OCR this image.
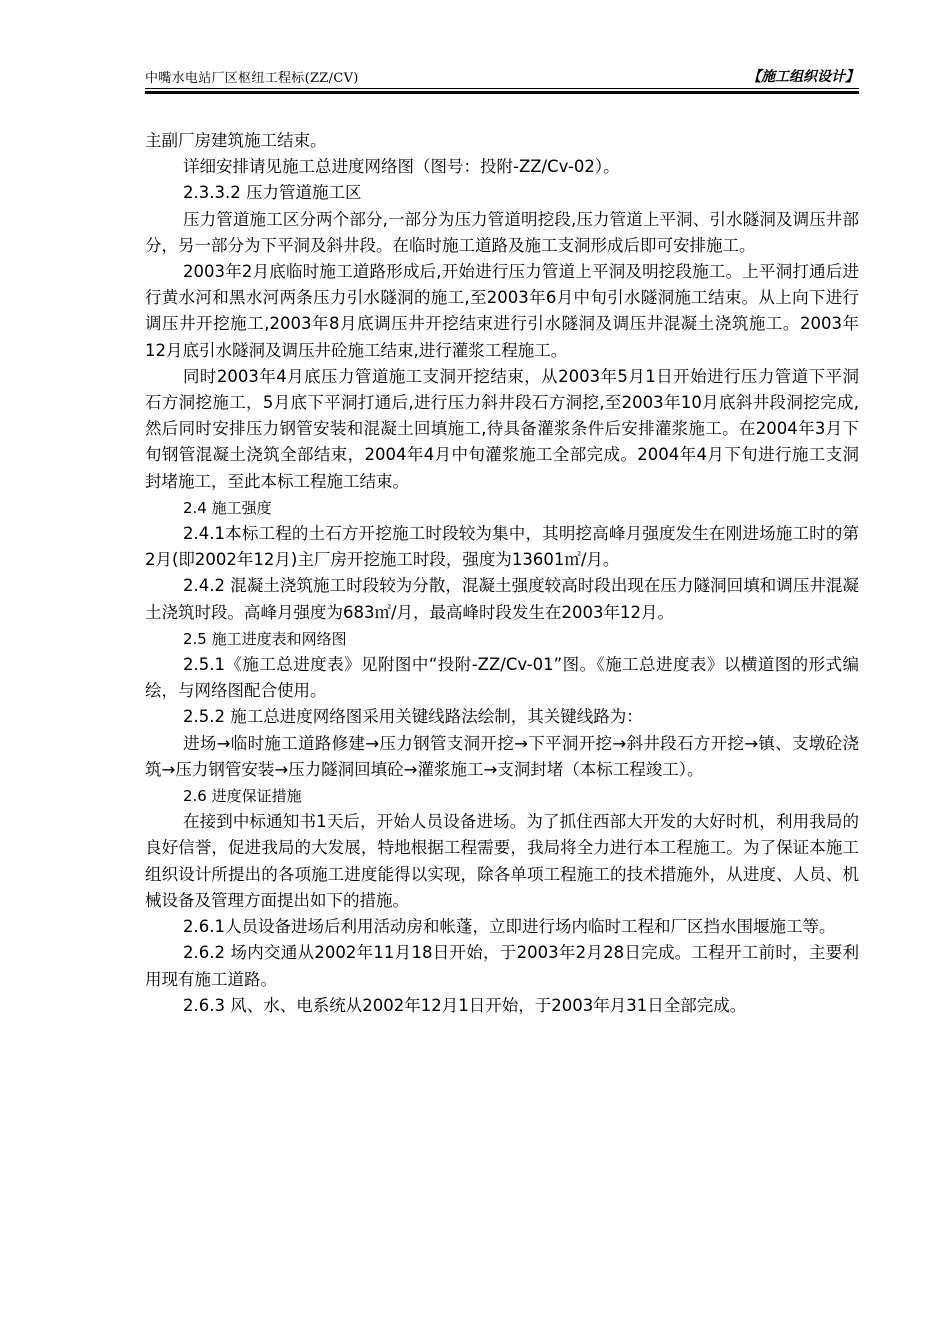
中嘴水电站厂区枢纽工程标(ZZ/CV)	【施工组织设计】

主副厂房建筑施工结束。

详细安排请见施工总进度网络图（图号：投附-ZZ/Cv-02）。

2.3.3.2 压力管道施工区

压力管道施工区分两个部分,一部分为压力管道明挖段,压力管道上平洞、引水隧洞及调压井部分，另一部分为下平洞及斜井段。在临时施工道路及施工支洞形成后即可安排施工。

2003年2月底临时施工道路形成后,开始进行压力管道上平洞及明挖段施工。上平洞打通后进行黄水河和黑水河两条压力引水隧洞的施工,至2003年6月中旬引水隧洞施工结束。从上向下进行调压井开挖施工,2003年8月底调压井开挖结束进行引水隧洞及调压井混凝土浇筑施工。2003年12月底引水隧洞及调压井砼施工结束,进行灌浆工程施工。

同时2003年4月底压力管道施工支洞开挖结束，从2003年5月1日开始进行压力管道下平洞石方洞挖施工，5月底下平洞打通后,进行压力斜井段石方洞挖,至2003年10月底斜井段洞挖完成,然后同时安排压力钢管安装和混凝土回填施工,待具备灌浆条件后安排灌浆施工。在2004年3月下旬钢管混凝土浇筑全部结束，2004年4月中旬灌浆施工全部完成。2004年4月下旬进行施工支洞封堵施工，至此本标工程施工结束。

2.4 施工强度

2.4.1本标工程的土石方开挖施工时段较为集中，其明挖高峰月强度发生在刚进场施工时的第2月(即2002年12月)主厂房开挖施工时段，强度为13601㎡/月。

2.4.2 混凝土浇筑施工时段较为分散，混凝土强度较高时段出现在压力隧洞回填和调压井混凝土浇筑时段。高峰月强度为683㎡/月，最高峰时段发生在2003年12月。

2.5 施工进度表和网络图

2.5.1《施工总进度表》见附图中“投附-ZZ/Cv-01”图。《施工总进度表》以横道图的形式编绘，与网络图配合使用。

2.5.2 施工总进度网络图采用关键线路法绘制，其关键线路为：

进场→临时施工道路修建→压力钢管支洞开挖→下平洞开挖→斜井段石方开挖→镇、支墩砼浇筑→压力钢管安装→压力隧洞回填砼→灌浆施工→支洞封堵（本标工程竣工）。

2.6 进度保证措施

在接到中标通知书1天后，开始人员设备进场。为了抓住西部大开发的大好时机，利用我局的良好信誉，促进我局的大发展，特地根据工程需要，我局将全力进行本工程施工。为了保证本施工组织设计所提出的各项施工进度能得以实现，除各单项工程施工的技术措施外，从进度、人员、机械设备及管理方面提出如下的措施。

2.6.1人员设备进场后利用活动房和帐蓬，立即进行场内临时工程和厂区挡水围堰施工等。

2.6.2 场内交通从2002年11月18日开始，于2003年2月28日完成。工程开工前时，主要利用现有施工道路。

2.6.3 风、水、电系统从2002年12月1日开始，于2003年月31日全部完成。
